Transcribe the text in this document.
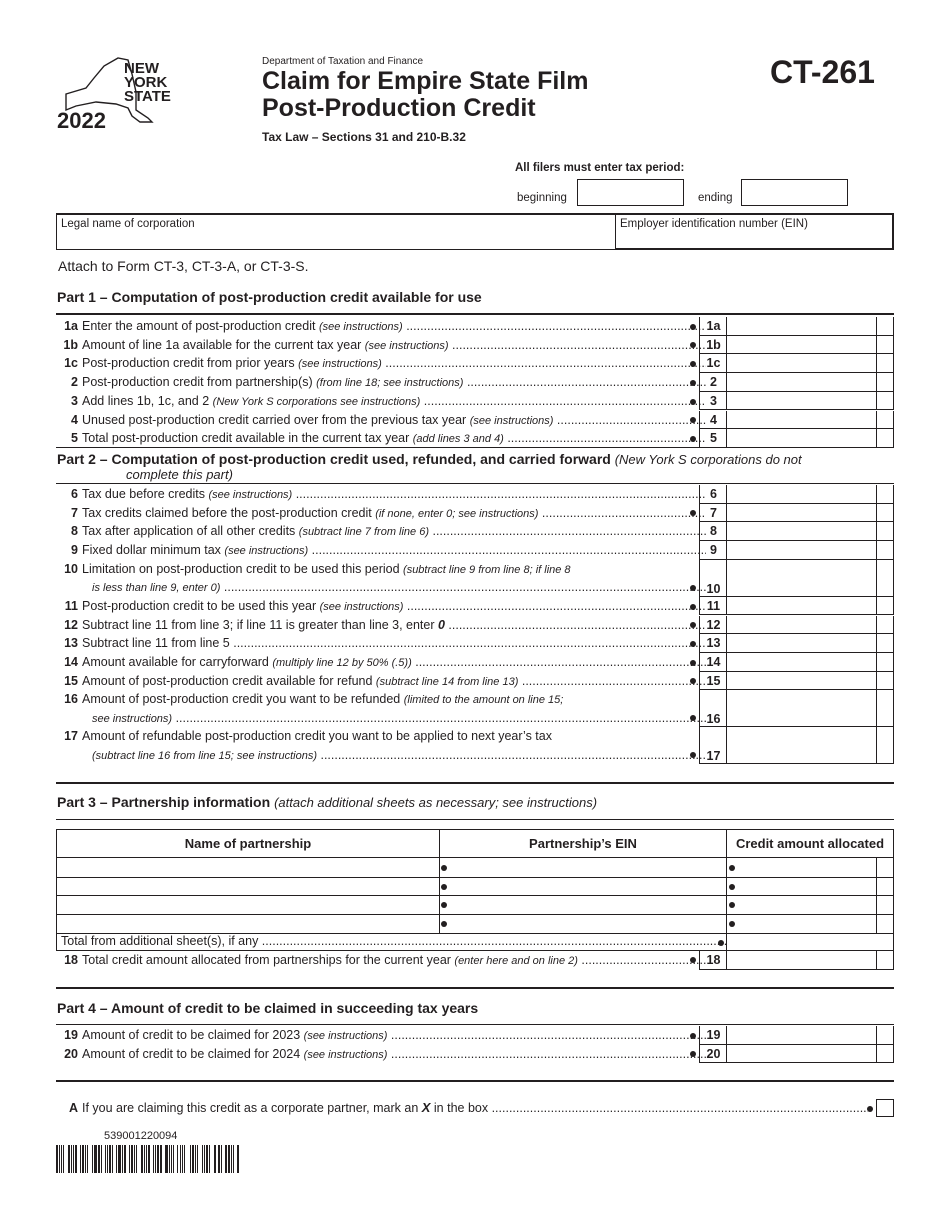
NEW
YORK
STATE
2022
Department of Taxation and Finance
Claim for Empire State Film
Post-Production Credit
Tax Law – Sections 31 and 210-B.32
CT-261
All filers must enter tax period:
beginning	ending
Legal name of corporation	Employer identification number (EIN)
Attach to Form CT-3, CT-3-A, or CT-3-S.
Part 1 – Computation of post-production credit available for use
1a Enter the amount of post-production credit (see instructions) .....	1a
1b Amount of line 1a available for the current tax year (see instructions) .....	1b
1c Post-production credit from prior years (see instructions) .....	1c
2 Post-production credit from partnership(s) (from line 18; see instructions) .....	2
3 Add lines 1b, 1c, and 2 (New York S corporations see instructions) .....	3
4 Unused post-production credit carried over from the previous tax year (see instructions) .....	4
5 Total post-production credit available in the current tax year (add lines 3 and 4) .....	5
Part 2 – Computation of post-production credit used, refunded, and carried forward (New York S corporations do not
complete this part)
6 Tax due before credits (see instructions) .....	6
7 Tax credits claimed before the post-production credit (if none, enter 0; see instructions) .....	7
8 Tax after application of all other credits (subtract line 7 from line 6) .....	8
9 Fixed dollar minimum tax (see instructions) .....	9
10 Limitation on post-production credit to be used this period (subtract line 9 from line 8; if line 8
is less than line 9, enter 0) .....	10
11 Post-production credit to be used this year (see instructions) .....	11
12 Subtract line 11 from line 3; if line 11 is greater than line 3, enter 0 .....	12
13 Subtract line 11 from line 5 .....	13
14 Amount available for carryforward (multiply line 12 by 50% (.5)) .....	14
15 Amount of post-production credit available for refund (subtract line 14 from line 13) .....	15
16 Amount of post-production credit you want to be refunded (limited to the amount on line 15;
see instructions) .....	16
17 Amount of refundable post-production credit you want to be applied to next year’s tax
(subtract line 16 from line 15; see instructions) .....	17
Part 3 – Partnership information (attach additional sheets as necessary; see instructions)
Name of partnership	Partnership’s EIN	Credit amount allocated
Total from additional sheet(s), if any .....
18 Total credit amount allocated from partnerships for the current year (enter here and on line 2) .....	18
Part 4 – Amount of credit to be claimed in succeeding tax years
19 Amount of credit to be claimed for 2023 (see instructions) .....	19
20 Amount of credit to be claimed for 2024 (see instructions) .....	20
A If you are claiming this credit as a corporate partner, mark an X in the box .....
539001220094
